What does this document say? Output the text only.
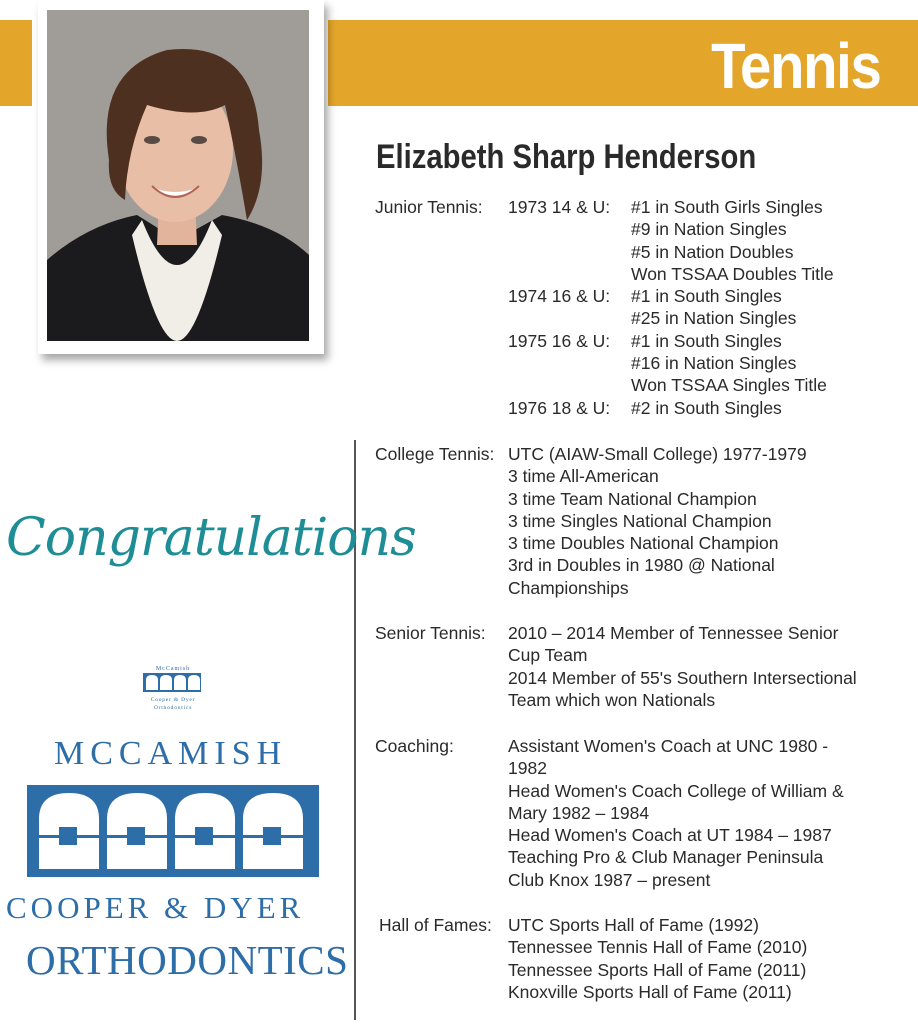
Tennis
Elizabeth Sharp Henderson
Junior Tennis: 1973 14 & U: #1 in South Girls Singles
#9 in Nation Singles
#5 in Nation Doubles
Won TSSAA Doubles Title
1974 16 & U: #1 in South Singles
#25 in Nation Singles
1975 16 & U: #1 in South Singles
#16 in Nation Singles
Won TSSAA Singles Title
1976 18 & U: #2 in South Singles
College Tennis: UTC (AIAW-Small College) 1977-1979
3 time All-American
3 time Team National Champion
3 time Singles National Champion
3 time Doubles National Champion
3rd in Doubles in 1980 @ National
Championships
Senior Tennis: 2010 – 2014 Member of Tennessee Senior
Cup Team
2014 Member of 55's Southern Intersectional
Team which won Nationals
Coaching:	Assistant Women's Coach at UNC 1980 -
1982
Head Women's Coach College of William &
Mary 1982 – 1984
Head Women's Coach at UT 1984 – 1987
Teaching Pro & Club Manager Peninsula
Club Knox 1987 – present
Hall of Fames: UTC Sports Hall of Fame (1992)
Tennessee Tennis Hall of Fame (2010)
Tennessee Sports Hall of Fame (2011)
Knoxville Sports Hall of Fame (2011)
Congratulations
McCamish
Cooper & Dyer
Orthodontics
MCCAMISH
COOPER & DYER
ORTHODONTICS
